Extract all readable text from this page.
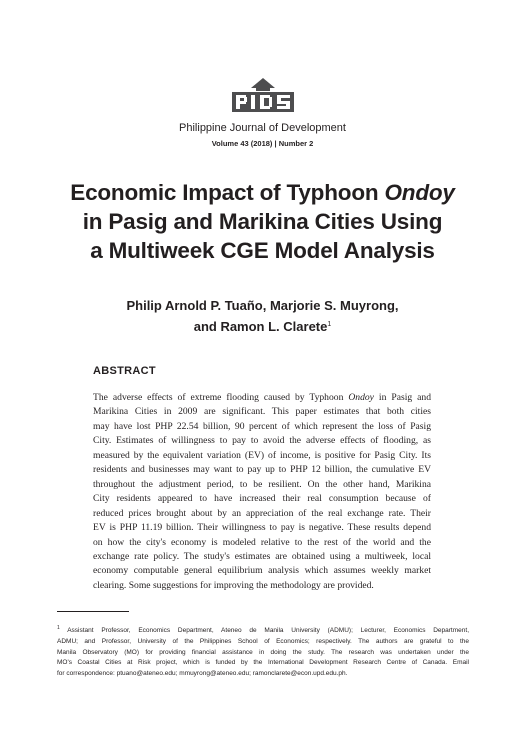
Philippine Journal of Development
Volume 43 (2018) | Number 2
Economic Impact of Typhoon Ondoy
in Pasig and Marikina Cities Using
a Multiweek CGE Model Analysis
Philip Arnold P. Tuaño, Marjorie S. Muyrong,
and Ramon L. Clarete$^1$
ABSTRACT
The adverse effects of extreme flooding caused by Typhoon Ondoy in Pasig and
Marikina Cities in 2009 are significant. This paper estimates that both cities
may have lost PHP 22.54 billion, 90 percent of which represent the loss of Pasig
City. Estimates of willingness to pay to avoid the adverse effects of flooding, as
measured by the equivalent variation (EV) of income, is positive for Pasig City. Its
residents and businesses may want to pay up to PHP 12 billion, the cumulative EV
throughout the adjustment period, to be resilient. On the other hand, Marikina
City residents appeared to have increased their real consumption because of
reduced prices brought about by an appreciation of the real exchange rate. Their
EV is PHP 11.19 billion. Their willingness to pay is negative. These results depend
on how the city's economy is modeled relative to the rest of the world and the
exchange rate policy. The study's estimates are obtained using a multiweek, local
economy computable general equilibrium analysis which assumes weekly market
clearing. Some suggestions for improving the methodology are provided.
$^1$ Assistant Professor, Economics Department, Ateneo de Manila University (ADMU); Lecturer, Economics Department,
ADMU; and Professor, University of the Philippines School of Economics; respectively. The authors are grateful to the
Manila Observatory (MO) for providing financial assistance in doing the study. The research was undertaken under the
MO's Coastal Cities at Risk project, which is funded by the International Development Research Centre of Canada. Email
for correspondence: ptuano@ateneo.edu; mmuyrong@ateneo.edu; ramonclarete@econ.upd.edu.ph.
